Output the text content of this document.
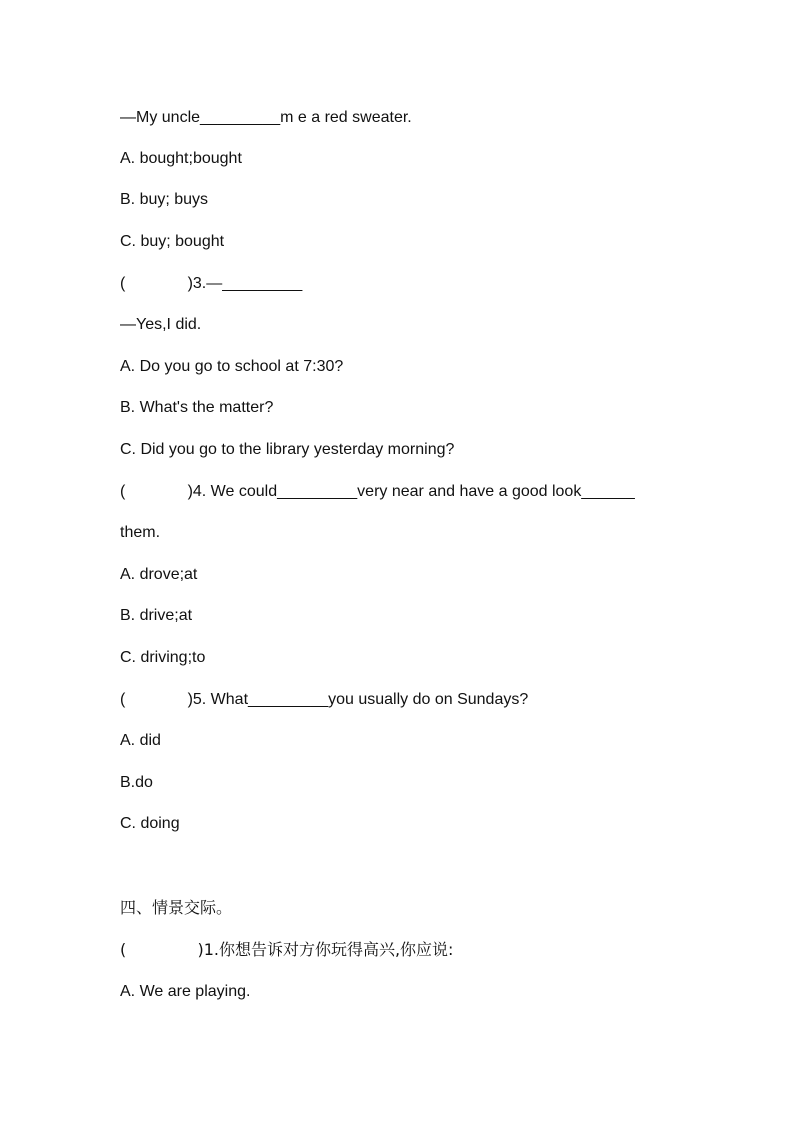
—My uncle_________m e a red sweater.
A. bought;bought
B. buy; buys
C. buy; bought
(              )3.—_________
—Yes,I did.
A. Do you go to school at 7:30?
B. What's the matter?
C. Did you go to the library yesterday morning?
(              )4. We could_________very near and have a good look______
them.
A. drove;at
B. drive;at
C. driving;to
(              )5. What_________you usually do on Sundays?
A. did
B.do
C. doing
四、情景交际。
(              )1.你想告诉对方你玩得高兴,你应说:
A. We are playing.
